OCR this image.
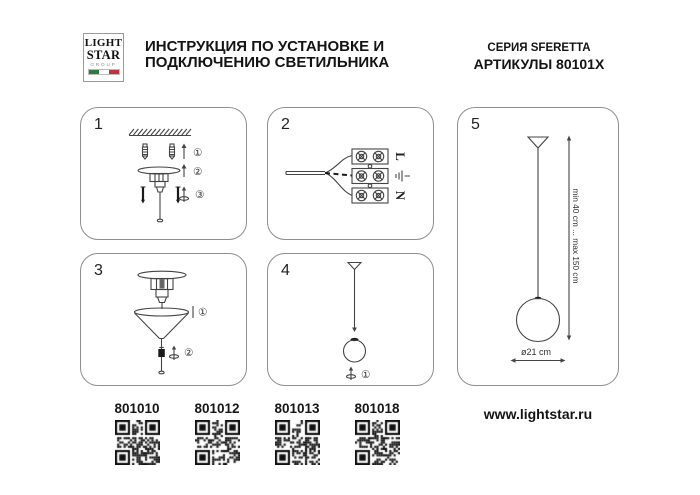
LIGHT
STAR
GROUP
ИНСТРУКЦИЯ ПО УСТАНОВКЕ И
ПОДКЛЮЧЕНИЮ СВЕТИЛЬНИКА
СЕРИЯ SFERETTA
АРТИКУЛЫ 80101X
1
①
②
③
2
L
N
3
①
②
4
①
5
min 40 cm ... max 150 cm
ø21 cm
801010	801012	801013	801018	www.lightstar.ru
